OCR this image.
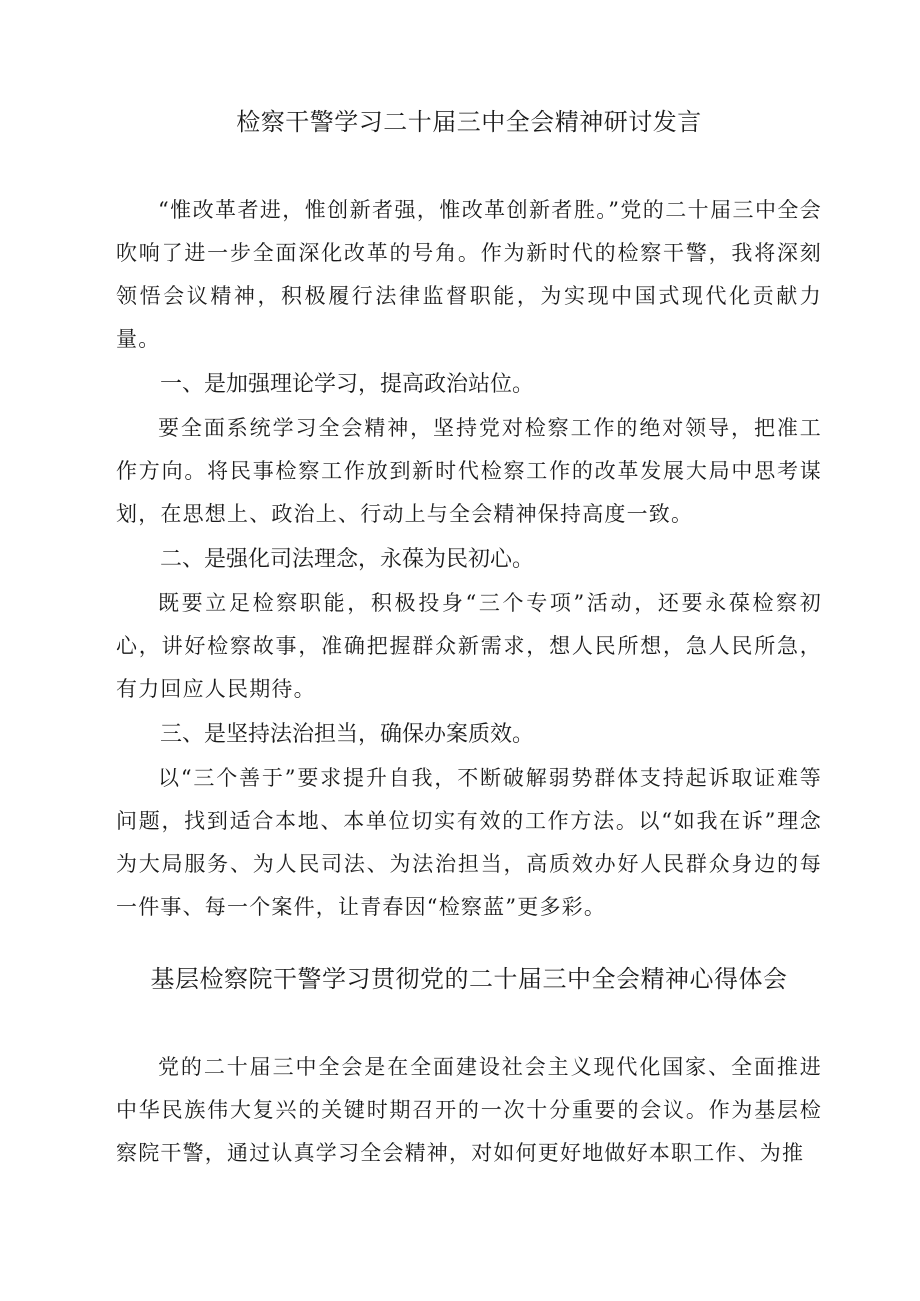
检察干警学习二十届三中全会精神研讨发言

“惟改革者进，惟创新者强，惟改革创新者胜。”党的二十届三中全会吹响了进一步全面深化改革的号角。作为新时代的检察干警，我将深刻领悟会议精神，积极履行法律监督职能，为实现中国式现代化贡献力量。

一、是加强理论学习，提高政治站位。

要全面系统学习全会精神，坚持党对检察工作的绝对领导，把准工作方向。将民事检察工作放到新时代检察工作的改革发展大局中思考谋划，在思想上、政治上、行动上与全会精神保持高度一致。

二、是强化司法理念，永葆为民初心。

既要立足检察职能，积极投身“三个专项”活动，还要永葆检察初心，讲好检察故事，准确把握群众新需求，想人民所想，急人民所急，有力回应人民期待。

三、是坚持法治担当，确保办案质效。

以“三个善于”要求提升自我，不断破解弱势群体支持起诉取证难等问题，找到适合本地、本单位切实有效的工作方法。以“如我在诉”理念为大局服务、为人民司法、为法治担当，高质效办好人民群众身边的每一件事、每一个案件，让青春因“检察蓝”更多彩。

基层检察院干警学习贯彻党的二十届三中全会精神心得体会

党的二十届三中全会是在全面建设社会主义现代化国家、全面推进中华民族伟大复兴的关键时期召开的一次十分重要的会议。作为基层检察院干警，通过认真学习全会精神，对如何更好地做好本职工作、为推
